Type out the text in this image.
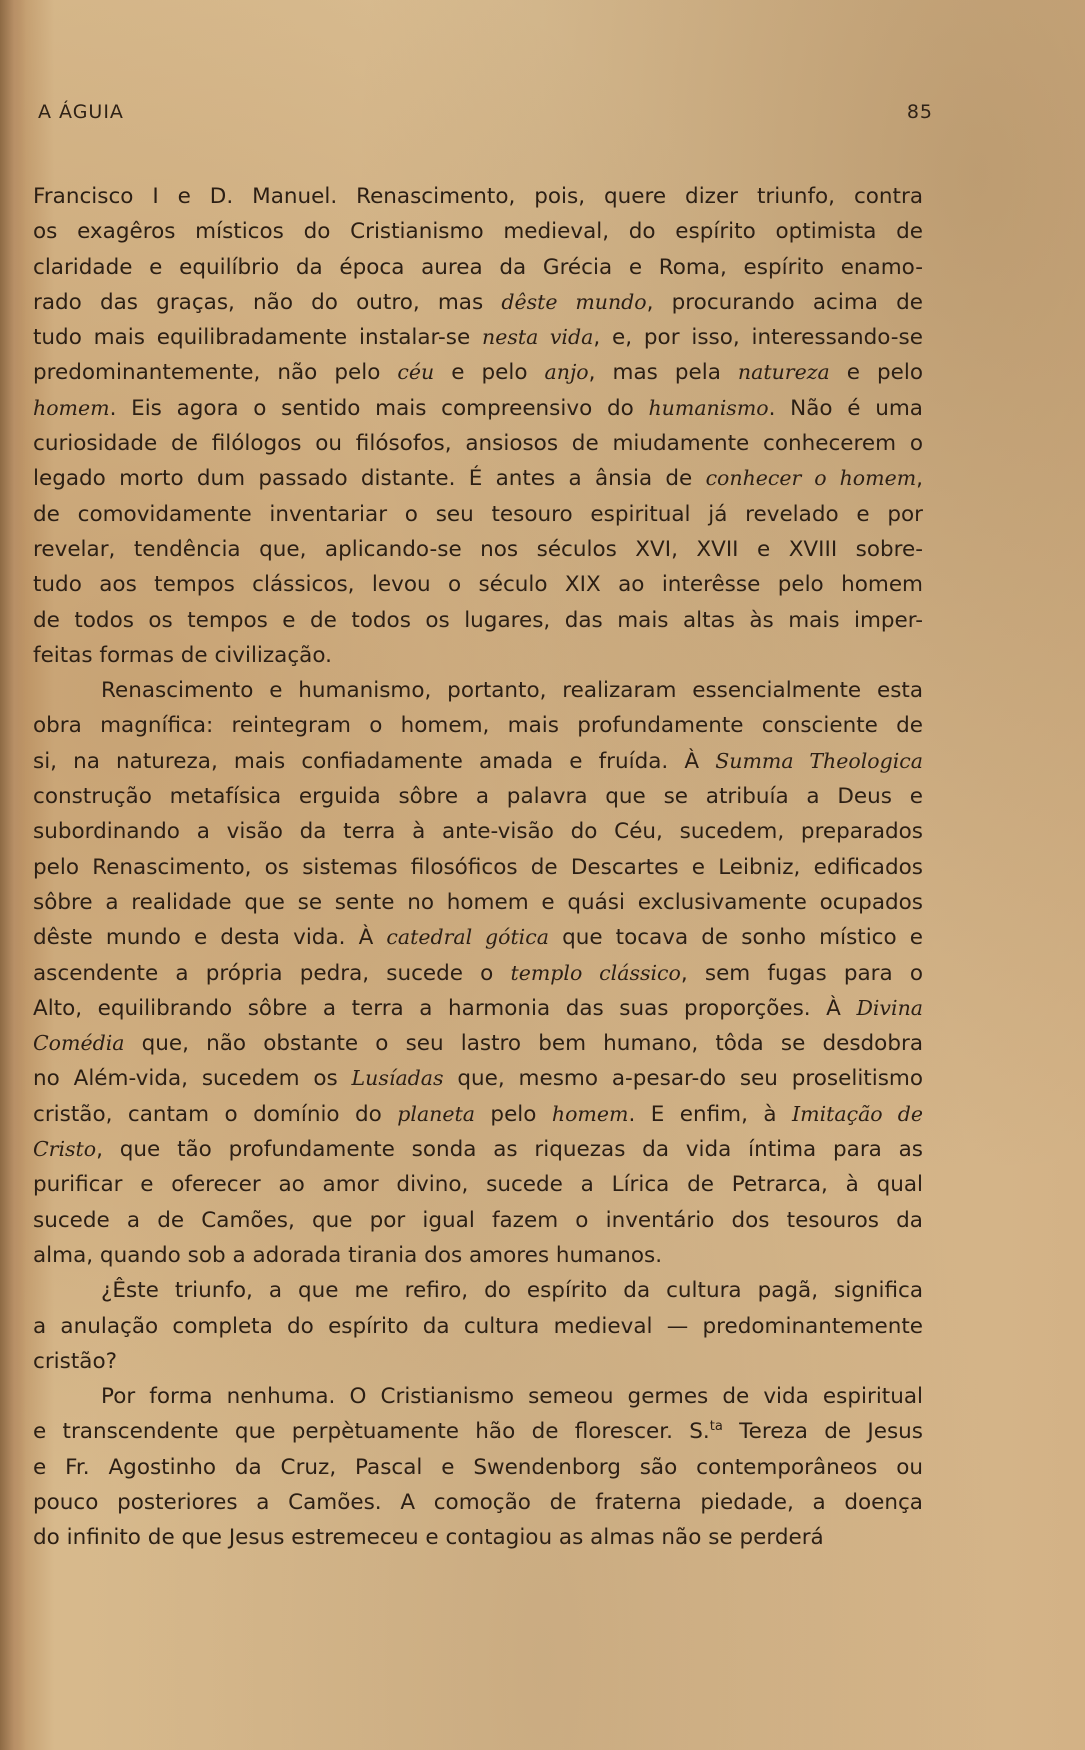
A ÁGUIA	85
Francisco I e D. Manuel. Renascimento, pois, quere dizer triunfo, contra
os exagêros místicos do Cristianismo medieval, do espírito optimista de
claridade e equilíbrio da época aurea da Grécia e Roma, espírito enamo-
rado das graças, não do outro, mas dêste mundo, procurando acima de
tudo mais equilibradamente instalar-se nesta vida, e, por isso, interessando-se
predominantemente, não pelo céu e pelo anjo, mas pela natureza e pelo
homem. Eis agora o sentido mais compreensivo do humanismo. Não é uma
curiosidade de filólogos ou filósofos, ansiosos de miudamente conhecerem o
legado morto dum passado distante. É antes a ânsia de conhecer o homem,
de comovidamente inventariar o seu tesouro espiritual já revelado e por
revelar, tendência que, aplicando-se nos séculos XVI, XVII e XVIII sobre-
tudo aos tempos clássicos, levou o século XIX ao interêsse pelo homem
de todos os tempos e de todos os lugares, das mais altas às mais imper-
feitas formas de civilização.
Renascimento e humanismo, portanto, realizaram essencialmente esta
obra magnífica: reintegram o homem, mais profundamente consciente de
si, na natureza, mais confiadamente amada e fruída. À Summa Theologica
construção metafísica erguida sôbre a palavra que se atribuía a Deus e
subordinando a visão da terra à ante-visão do Céu, sucedem, preparados
pelo Renascimento, os sistemas filosóficos de Descartes e Leibniz, edificados
sôbre a realidade que se sente no homem e quási exclusivamente ocupados
dêste mundo e desta vida. À catedral gótica que tocava de sonho místico e
ascendente a própria pedra, sucede o templo clássico, sem fugas para o
Alto, equilibrando sôbre a terra a harmonia das suas proporções. À Divina
Comédia que, não obstante o seu lastro bem humano, tôda se desdobra
no Além-vida, sucedem os Lusíadas que, mesmo a-pesar-do seu proselitismo
cristão, cantam o domínio do planeta pelo homem. E enfim, à Imitação de
Cristo, que tão profundamente sonda as riquezas da vida íntima para as
purificar e oferecer ao amor divino, sucede a Lírica de Petrarca, à qual
sucede a de Camões, que por igual fazem o inventário dos tesouros da
alma, quando sob a adorada tirania dos amores humanos.
¿Êste triunfo, a que me refiro, do espírito da cultura pagã, significa
a anulação completa do espírito da cultura medieval — predominantemente
cristão?
Por forma nenhuma. O Cristianismo semeou germes de vida espiritual
e transcendente que perpètuamente hão de florescer. S.$^{ta}$ Tereza de Jesus
e Fr. Agostinho da Cruz, Pascal e Swendenborg são contemporâneos ou
pouco posteriores a Camões. A comoção de fraterna piedade, a doença
do infinito de que Jesus estremeceu e contagiou as almas não se perderá
